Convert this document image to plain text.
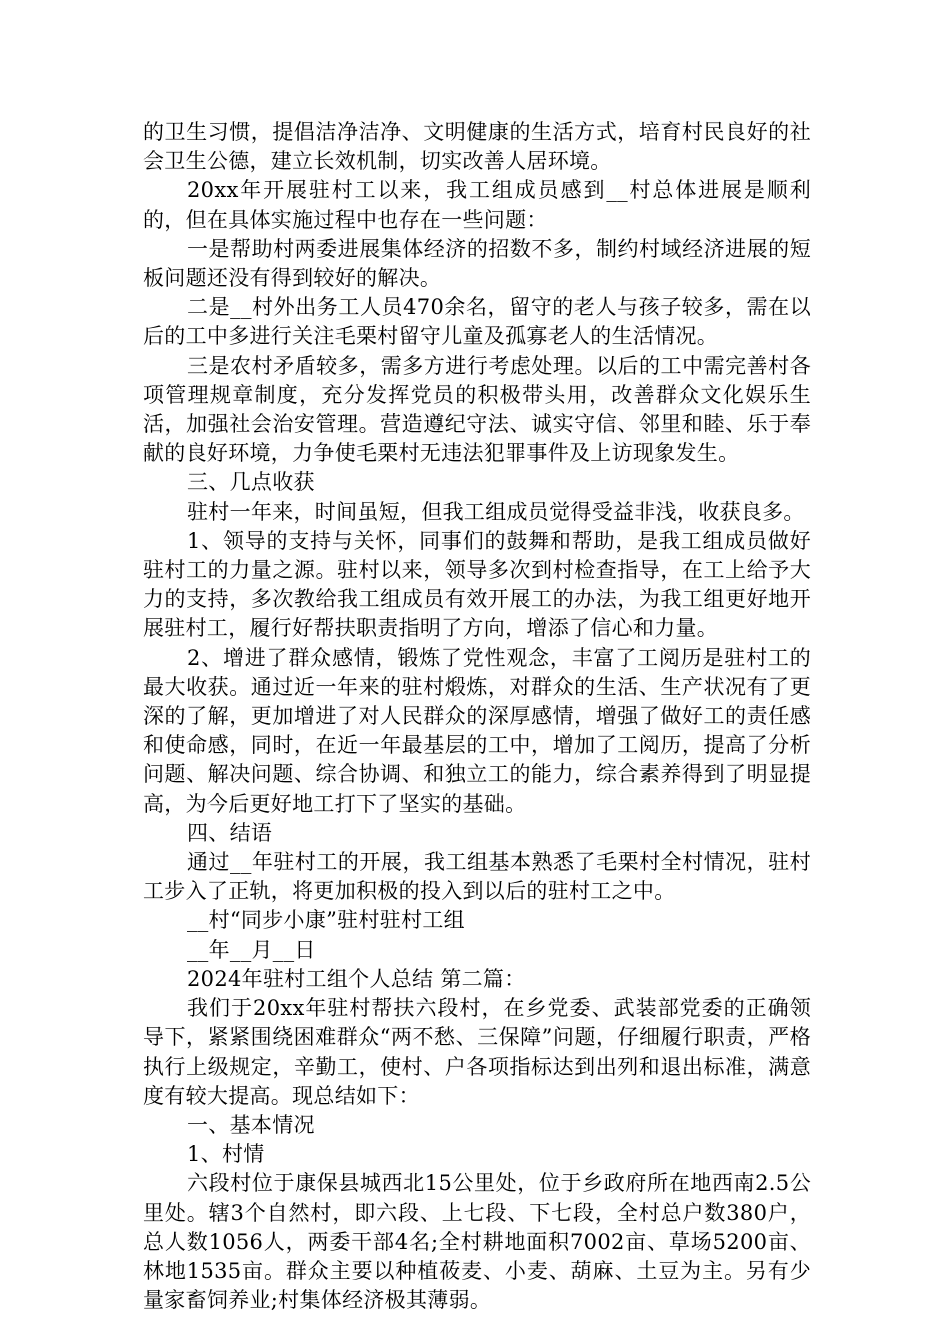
的卫生习惯，提倡洁净洁净、文明健康的生活方式，培育村民良好的社会卫生公德，建立长效机制，切实改善人居环境。

20xx年开展驻村工以来，我工组成员感到__村总体进展是顺利的，但在具体实施过程中也存在一些问题：

一是帮助村两委进展集体经济的招数不多，制约村域经济进展的短板问题还没有得到较好的解决。

二是__村外出务工人员470余名，留守的老人与孩子较多，需在以后的工中多进行关注毛栗村留守儿童及孤寡老人的生活情况。

三是农村矛盾较多，需多方进行考虑处理。以后的工中需完善村各项管理规章制度，充分发挥党员的积极带头用，改善群众文化娱乐生活，加强社会治安管理。营造遵纪守法、诚实守信、邻里和睦、乐于奉献的良好环境，力争使毛栗村无违法犯罪事件及上访现象发生。

三、几点收获

驻村一年来，时间虽短，但我工组成员觉得受益非浅，收获良多。

1、领导的支持与关怀，同事们的鼓舞和帮助，是我工组成员做好驻村工的力量之源。驻村以来，领导多次到村检查指导，在工上给予大力的支持，多次教给我工组成员有效开展工的办法，为我工组更好地开展驻村工，履行好帮扶职责指明了方向，增添了信心和力量。

2、增进了群众感情，锻炼了党性观念，丰富了工阅历是驻村工的最大收获。通过近一年来的驻村煅炼，对群众的生活、生产状况有了更深的了解，更加增进了对人民群众的深厚感情，增强了做好工的责任感和使命感，同时，在近一年最基层的工中，增加了工阅历，提高了分析问题、解决问题、综合协调、和独立工的能力，综合素养得到了明显提高，为今后更好地工打下了坚实的基础。

四、结语

通过__年驻村工的开展，我工组基本熟悉了毛栗村全村情况，驻村工步入了正轨，将更加积极的投入到以后的驻村工之中。

__村“同步小康”驻村驻村工组

__年__月__日

2024年驻村工组个人总结 第二篇：

我们于20xx年驻村帮扶六段村，在乡党委、武装部党委的正确领导下，紧紧围绕困难群众“两不愁、三保障”问题，仔细履行职责，严格执行上级规定，辛勤工，使村、户各项指标达到出列和退出标准，满意度有较大提高。现总结如下：

一、基本情况

1、村情

六段村位于康保县城西北15公里处，位于乡政府所在地西南2.5公里处。辖3个自然村，即六段、上七段、下七段，全村总户数380户，总人数1056人，两委干部4名;全村耕地面积7002亩、草场5200亩、林地1535亩。群众主要以种植莜麦、小麦、葫麻、土豆为主。另有少量家畜饲养业;村集体经济极其薄弱。
